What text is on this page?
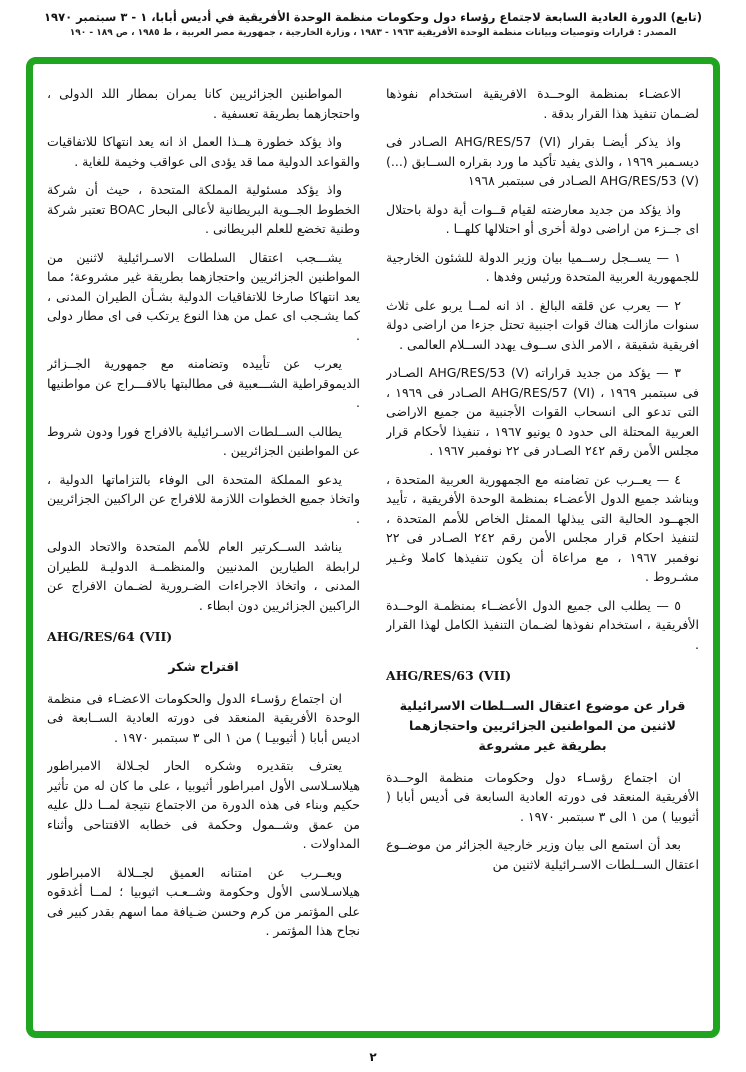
(تابع) الدورة العادية السابعة لاجتماع رؤساء دول وحكومات منظمة الوحدة الأفريقية في أديس أبابا، ١ - ٣ سبتمبر ١٩٧٠
المصدر : قرارات وتوصيات وبيانات منظمة الوحدة الأفريقية ١٩٦٣ - ١٩٨٣ ، وزارة الخارجية ، جمهورية مصر العربية ، ط ١٩٨٥ ، ص ١٨٩ - ١٩٠

الاعضـاء بمنظمة الوحــدة الافريقية استخدام نفوذها لضـمان تنفيذ هذا القرار بدقة .

واذ يذكر أيضـا بقرار AHG/RES/57 (VI) الصـادر فى ديسـمبر ١٩٦٩ ، والذى يفيد تأكيد ما ورد بقراره الســابق (...) AHG/RES/53 (V) الصـادر فى سبتمبر ١٩٦٨

واذ يؤكد من جديد معارضته لقيام قــوات أية دولة باحتلال اى جــزء من اراضى دولة أخرى أو احتلالها كلهــا .

١ — يســجل رســميا بيان وزير الدولة للشئون الخارجية للجمهورية العربية المتحدة ورئيس وفدها .

٢ — يعرب عن قلقه البالغ . اذ انه لمــا يربو على ثلاث سنوات مازالت هناك قوات اجنبية تحتل جزءا من اراضى دولة افريقية شقيقة ، الامر الذى ســوف يهدد الســلام العالمى .

٣ — يؤكد من جديد قراراته AHG/RES/53 (V) الصـادر فى سبتمبر ١٩٦٩ ، AHG/RES/57 (VI) الصـادر فى ١٩٦٩ ، التى تدعو الى انسحاب القوات الأجنبية من جميع الاراضى العربية المحتلة الى حدود ٥ يونيو ١٩٦٧ ، تنفيذا لأحكام قرار مجلس الأمن رقم ٢٤٢ الصـادر فى ٢٢ نوفمبر ١٩٦٧ .

٤ — يعــرب عن تضامنه مع الجمهورية العربية المتحدة ، ويناشد جميع الدول الأعضـاء بمنظمة الوحدة الأفريقية ، تأييد الجهــود الحالية التى يبذلها الممثل الخاص للأمم المتحدة ، لتنفيذ احكام قرار مجلس الأمن رقم ٢٤٢ الصـادر فى ٢٢ نوفمبر ١٩٦٧ ، مع مراعاة أن يكون تنفيذها كاملا وغـير مشـروط .

٥ — يطلب الى جميع الدول الأعضــاء بمنظمـة الوحــدة الأفريقية ، استخدام نفوذها لضـمان التنفيذ الكامل لهذا القرار .

AHG/RES/63 (VII)
قرار عن موضوع اعتقال الســلطات الاسرائيلية لاثنين من المواطنين الجزائريين واحتجازهما بطريقة غير مشروعة

ان اجتماع رؤسـاء دول وحكومات منظمة الوحــدة الأفريقية المنعقد فى دورته العادية السابعة فى أديس أبابا ( أثيوبيا ) من ١ الى ٣ سبتمبر ١٩٧٠ .

بعد أن استمع الى بيان وزير خارجية الجزائر من موضــوع اعتقال الســلطات الاسـرائيلية لاثنين من

المواطنين الجزائريين كانا يمران بمطار اللد الدولى ، واحتجازهما بطريقة تعسفية .

واذ يؤكد خطورة هــذا العمل اذ انه يعد انتهاكا للاتفاقيات والقواعد الدولية مما قد يؤدى الى عواقب وخيمة للغاية .

واذ يؤكد مسئولية المملكة المتحدة ، حيث أن شركة الخطوط الجــوية البريطانية لأعالى البحار BOAC تعتبر شركة وطنية تخضع للعلم البريطانى .

يشـــجب اعتقال السلطات الاسـرائيلية لاثنين من المواطنين الجزائريين واحتجازهما بطريقة غير مشروعة؛ مما يعد انتهاكا صارخا للاتفاقيات الدولية بشـأن الطيران المدنى ، كما يشـجب اى عمل من هذا النوع يرتكب فى اى مطار دولى .

يعرب عن تأييده وتضامنه مع جمهورية الجــزائر الديموقراطية الشـــعبية فى مطالبتها بالافـــراج عن مواطنيها .

يطالب الســلطات الاسـرائيلية بالافراج فورا ودون شروط عن المواطنين الجزائريين .

يدعو المملكة المتحدة الى الوفاء بالتزاماتها الدولية ، واتخاذ جميع الخطوات اللازمة للافراج عن الراكبين الجزائريين .

يناشد الســكرتير العام للأمم المتحدة والاتحاد الدولى لرابطة الطيارين المدنيين والمنظمــة الدوليـة للطيران المدنى ، واتخاذ الاجراءات الضـرورية لضـمان الافراج عن الراكبين الجزائريين دون ابطاء .

AHG/RES/64 (VII)
اقتراح شكر

ان اجتماع رؤسـاء الدول والحكومات الاعضـاء فى منظمة الوحدة الأفريقية المنعقد فى دورته العادية الســابعة فى اديس أبابا ( أثيوبيـا ) من ١ الى ٣ سبتمبر ١٩٧٠ .

يعترف بتقديره وشكره الحار لجـلالة الامبراطور هيلاسـلاسى الأول امبراطور أثيوبيا ، على ما كان له من تأثير حكيم وبناء فى هذه الدورة من الاجتماع نتيجة لمــا دلل عليه من عمق وشــمول وحكمة فى خطابه الافتتاحى وأثناء المداولات .

ويعــرب عن امتنانه العميق لجــلالة الامبراطور هيلاسـلاسى الأول وحكومة وشــعـب اثيوبيا ؛ لمــا أغدقوه على المؤتمر من كرم وحسن ضـيافة مما اسهم بقدر كبير فى نجاح هذا المؤتمر .

٢
